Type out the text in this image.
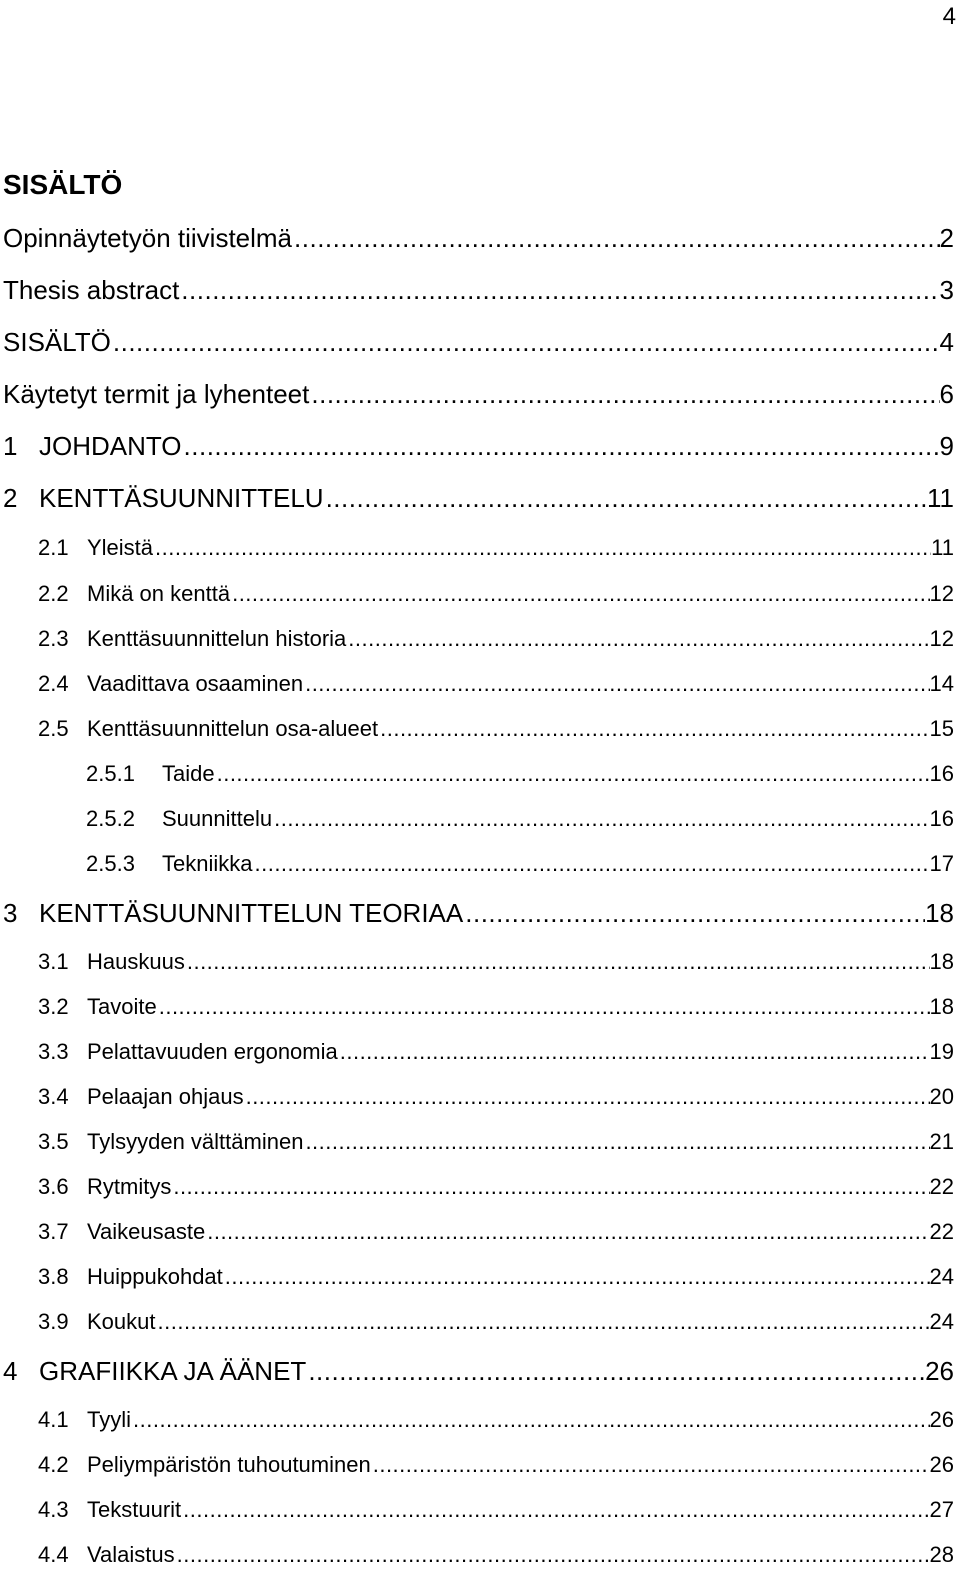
4
SISÄLTÖ
Opinnäytetyön tiivistelmä .....	2
Thesis abstract .....	3
SISÄLTÖ .....	4
Käytetyt termit ja lyhenteet .....	6
1 JOHDANTO .....	9
2 KENTTÄSUUNNITTELU .....	11
2.1 Yleistä .....	11
2.2 Mikä on kenttä .....	12
2.3 Kenttäsuunnittelun historia .....	12
2.4 Vaadittava osaaminen .....	14
2.5 Kenttäsuunnittelun osa-alueet .....	15
2.5.1	Taide .....	16
2.5.2	Suunnittelu .....	16
2.5.3	Tekniikka .....	17
3 KENTTÄSUUNNITTELUN TEORIAA .....	18
3.1 Hauskuus .....	18
3.2 Tavoite .....	18
3.3 Pelattavuuden ergonomia .....	19
3.4 Pelaajan ohjaus .....	20
3.5 Tylsyyden välttäminen .....	21
3.6 Rytmitys .....	22
3.7 Vaikeusaste .....	22
3.8 Huippukohdat .....	24
3.9 Koukut .....	24
4 GRAFIIKKA JA ÄÄNET .....	26
4.1 Tyyli .....	26
4.2 Peliympäristön tuhoutuminen .....	26
4.3 Tekstuurit .....	27
4.4 Valaistus .....	28
